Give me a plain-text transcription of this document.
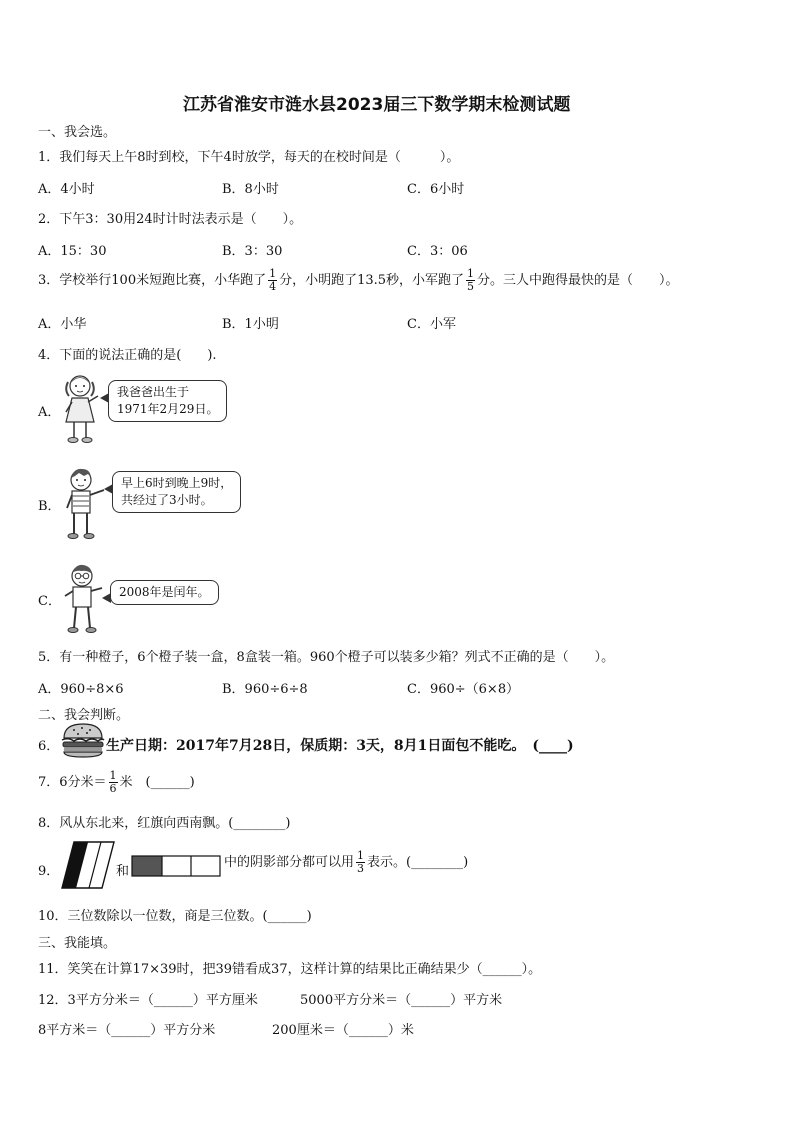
江苏省淮安市涟水县2023届三下数学期末检测试题
一、我会选。
1．我们每天上午8时到校，下午4时放学，每天的在校时间是（　　　）。
A．4小时	B．8小时	C．6小时
2．下午3：30用24时计时法表示是（　　）。
A．15：30	B．3：30	C．3：06
3．学校举行100米短跑比赛，小华跑了 $\frac{1}{4}$ 分，小明跑了13.5秒，小军跑了 $\frac{1}{5}$ 分。三人中跑得最快的是（　　）。
A．小华	B．1小明	C．小军
4．下面的说法正确的是(　　).
A．
我爸爸出生于
1971年2月29日。
B．
早上6时到晚上9时，
共经过了3小时。
C．
2008年是闰年。
5．有一种橙子，6个橙子装一盒，8盒装一箱。960个橙子可以装多少箱？列式不正确的是（　　）。
A．960÷8×6	B．960÷6÷8	C．960÷（6×8）
二、我会判断。
6．	生产日期：2017年7月28日，保质期：3天，8月1日面包不能吃。　(____)
7．6分米＝ $\frac{1}{6}$ 米　(______)
8．风从东北来，红旗向西南飘。(________)
9．	和
中的阴影部分都可以用 $\frac{1}{3}$ 表示。(________)
10．三位数除以一位数，商是三位数。(______)
三、我能填。
11．笑笑在计算17×39时，把39错看成37，这样计算的结果比正确结果少（______）。
12．3平方分米＝（______）平方厘米	5000平方分米＝（______）平方米
8平方米＝（______）平方分米	200厘米＝（______）米
